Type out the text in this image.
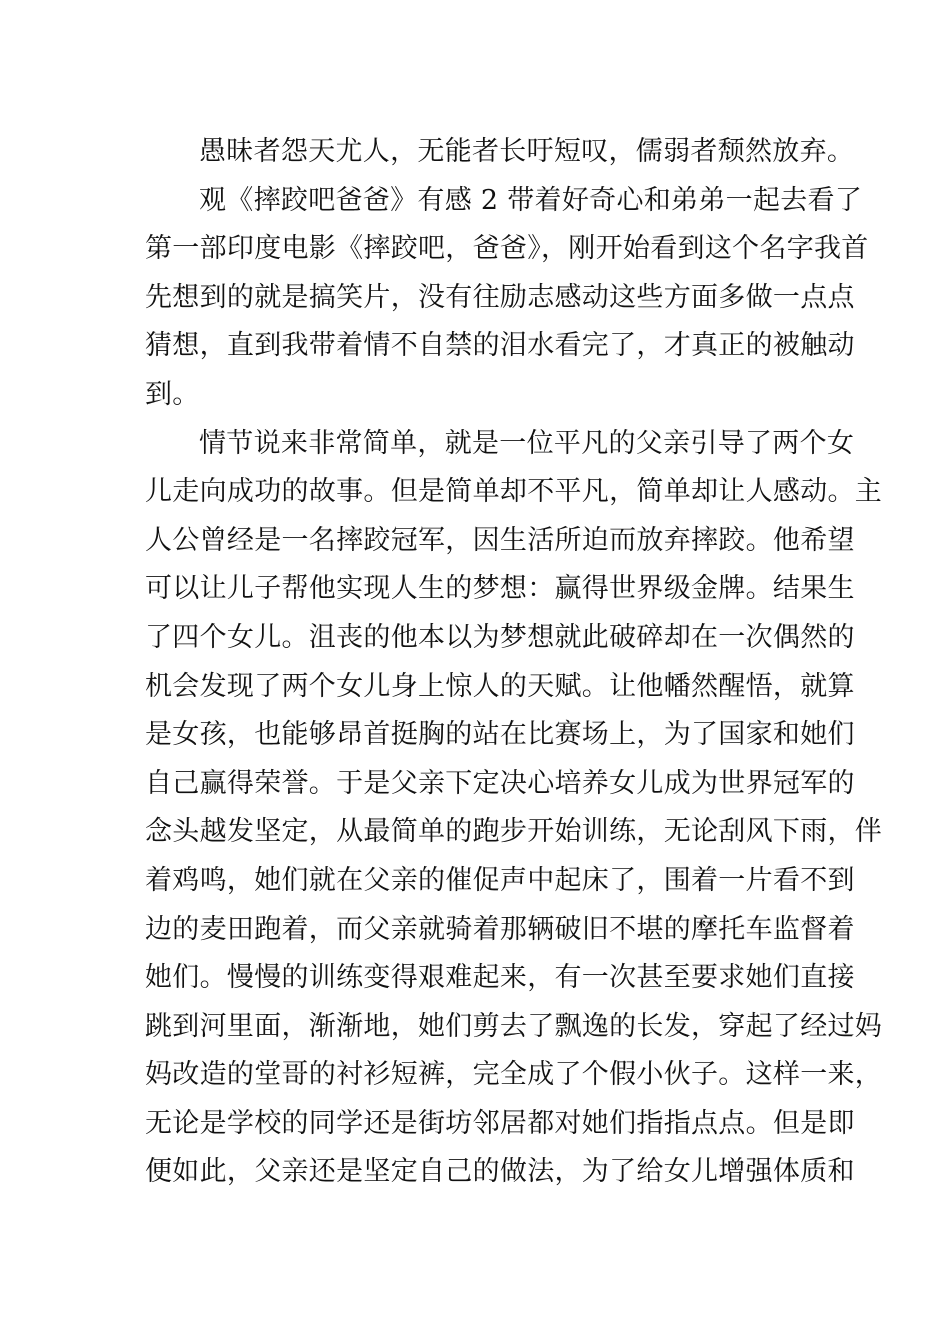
愚昧者怨天尤人，无能者长吁短叹，儒弱者颓然放弃。
观《摔跤吧爸爸》有感 2 带着好奇心和弟弟一起去看了
第一部印度电影《摔跤吧，爸爸》，刚开始看到这个名字我首
先想到的就是搞笑片，没有往励志感动这些方面多做一点点
猜想，直到我带着情不自禁的泪水看完了，才真正的被触动
到。
情节说来非常简单，就是一位平凡的父亲引导了两个女
儿走向成功的故事。但是简单却不平凡，简单却让人感动。主
人公曾经是一名摔跤冠军，因生活所迫而放弃摔跤。他希望
可以让儿子帮他实现人生的梦想：赢得世界级金牌。结果生
了四个女儿。沮丧的他本以为梦想就此破碎却在一次偶然的
机会发现了两个女儿身上惊人的天赋。让他幡然醒悟，就算
是女孩，也能够昂首挺胸的站在比赛场上，为了国家和她们
自己赢得荣誉。于是父亲下定决心培养女儿成为世界冠军的
念头越发坚定，从最简单的跑步开始训练，无论刮风下雨，伴
着鸡鸣，她们就在父亲的催促声中起床了，围着一片看不到
边的麦田跑着，而父亲就骑着那辆破旧不堪的摩托车监督着
她们。慢慢的训练变得艰难起来，有一次甚至要求她们直接
跳到河里面，渐渐地，她们剪去了飘逸的长发，穿起了经过妈
妈改造的堂哥的衬衫短裤，完全成了个假小伙子。这样一来，
无论是学校的同学还是街坊邻居都对她们指指点点。但是即
便如此，父亲还是坚定自己的做法，为了给女儿增强体质和
